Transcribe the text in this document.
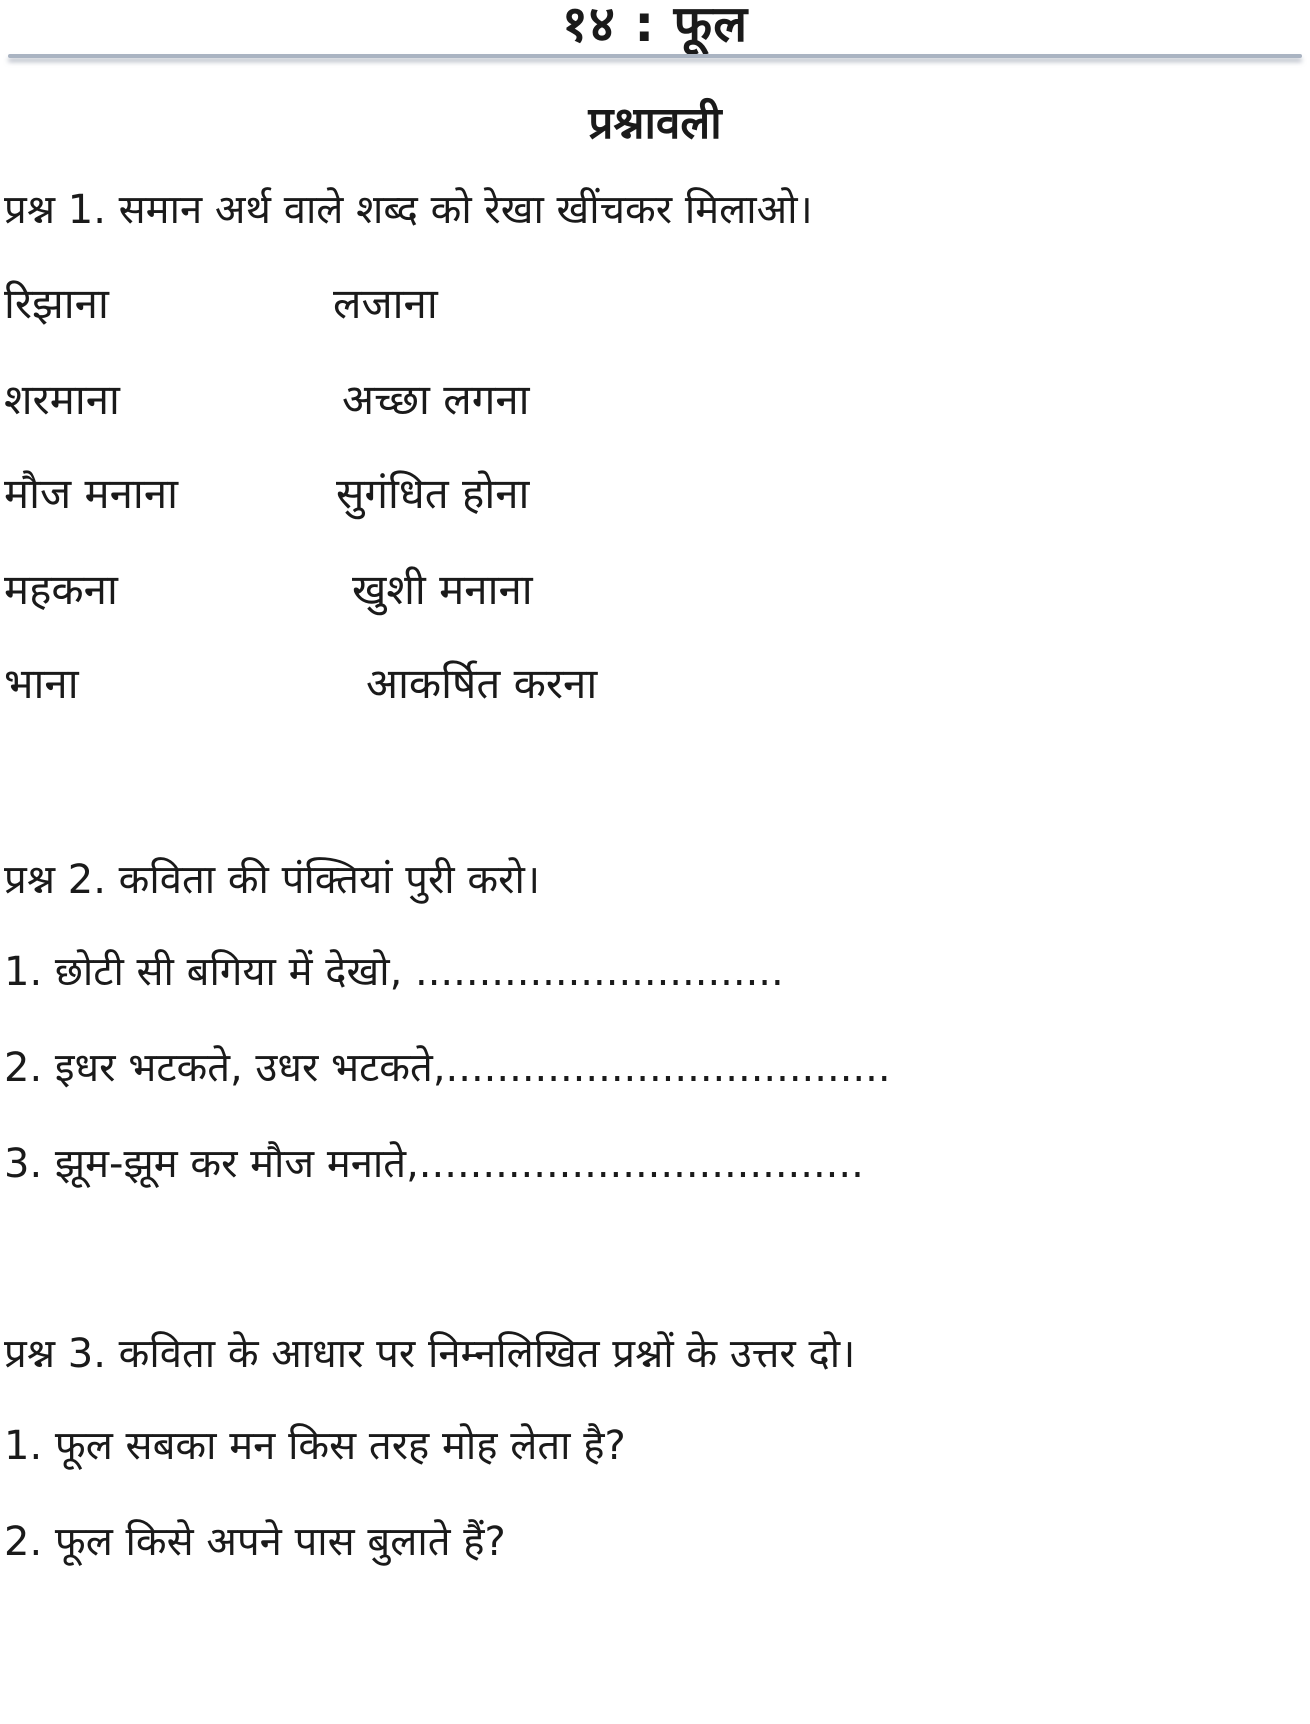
१४ : फूल
प्रश्नावली
प्रश्न 1. समान अर्थ वाले शब्द को रेखा खींचकर मिलाओ।
रिझाना	लजाना
शरमाना	अच्छा लगना
मौज मनाना	सुगंधित होना
महकना	खुशी मनाना
भाना	आकर्षित करना
प्रश्न 2. कविता की पंक्तियां पुरी करो।
1. छोटी सी बगिया में देखो, .............................
2. इधर भटकते, उधर भटकते,...................................
3. झूम-झूम कर मौज मनाते,...................................
प्रश्न 3. कविता के आधार पर निम्नलिखित प्रश्नों के उत्तर दो।
1. फूल सबका मन किस तरह मोह लेता है?
2. फूल किसे अपने पास बुलाते हैं?
